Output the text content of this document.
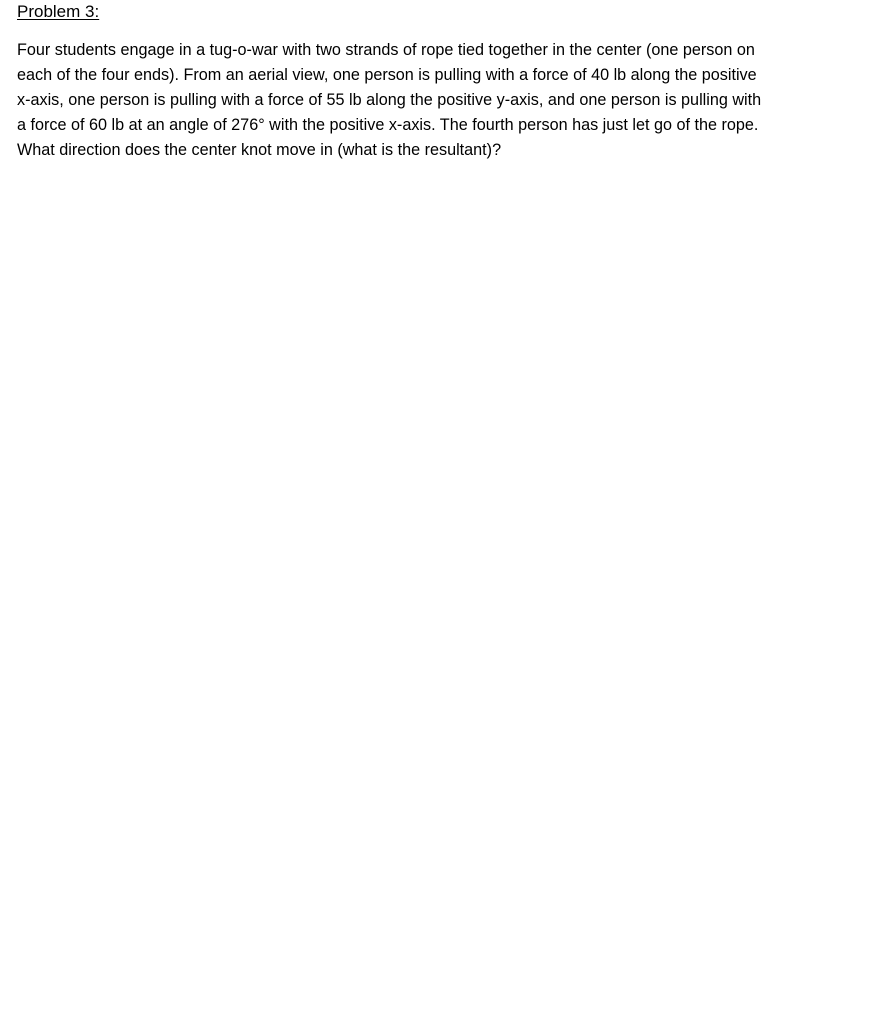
Problem 3:
Four students engage in a tug-o-war with two strands of rope tied together in the center (one person on
each of the four ends). From an aerial view, one person is pulling with a force of 40 lb along the positive
x-axis, one person is pulling with a force of 55 lb along the positive y-axis, and one person is pulling with
a force of 60 lb at an angle of 276° with the positive x-axis. The fourth person has just let go of the rope.
What direction does the center knot move in (what is the resultant)?
